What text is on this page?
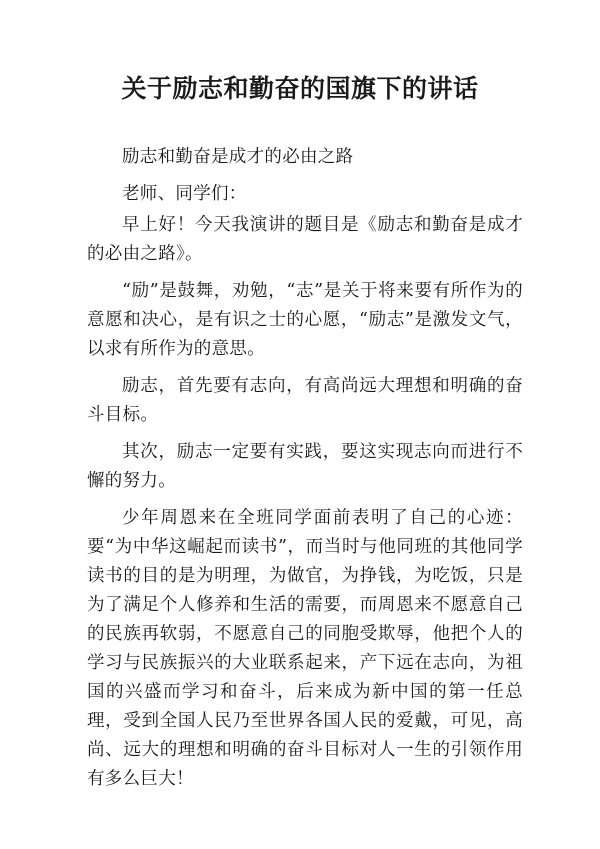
关于励志和勤奋的国旗下的讲话

励志和勤奋是成才的必由之路

老师、同学们：

早上好！今天我演讲的题目是《励志和勤奋是成才的必由之路》。

“励”是鼓舞，劝勉，“志”是关于将来要有所作为的意愿和决心，是有识之士的心愿，“励志”是激发文气，以求有所作为的意思。

励志，首先要有志向，有高尚远大理想和明确的奋斗目标。

其次，励志一定要有实践，要这实现志向而进行不懈的努力。

少年周恩来在全班同学面前表明了自己的心迹：要“为中华这崛起而读书”，而当时与他同班的其他同学读书的目的是为明理，为做官，为挣钱，为吃饭，只是为了满足个人修养和生活的需要，而周恩来不愿意自己的民族再软弱，不愿意自己的同胞受欺辱，他把个人的学习与民族振兴的大业联系起来，产下远在志向，为祖国的兴盛而学习和奋斗，后来成为新中国的第一任总理，受到全国人民乃至世界各国人民的爱戴，可见，高尚、远大的理想和明确的奋斗目标对人一生的引领作用有多么巨大！
